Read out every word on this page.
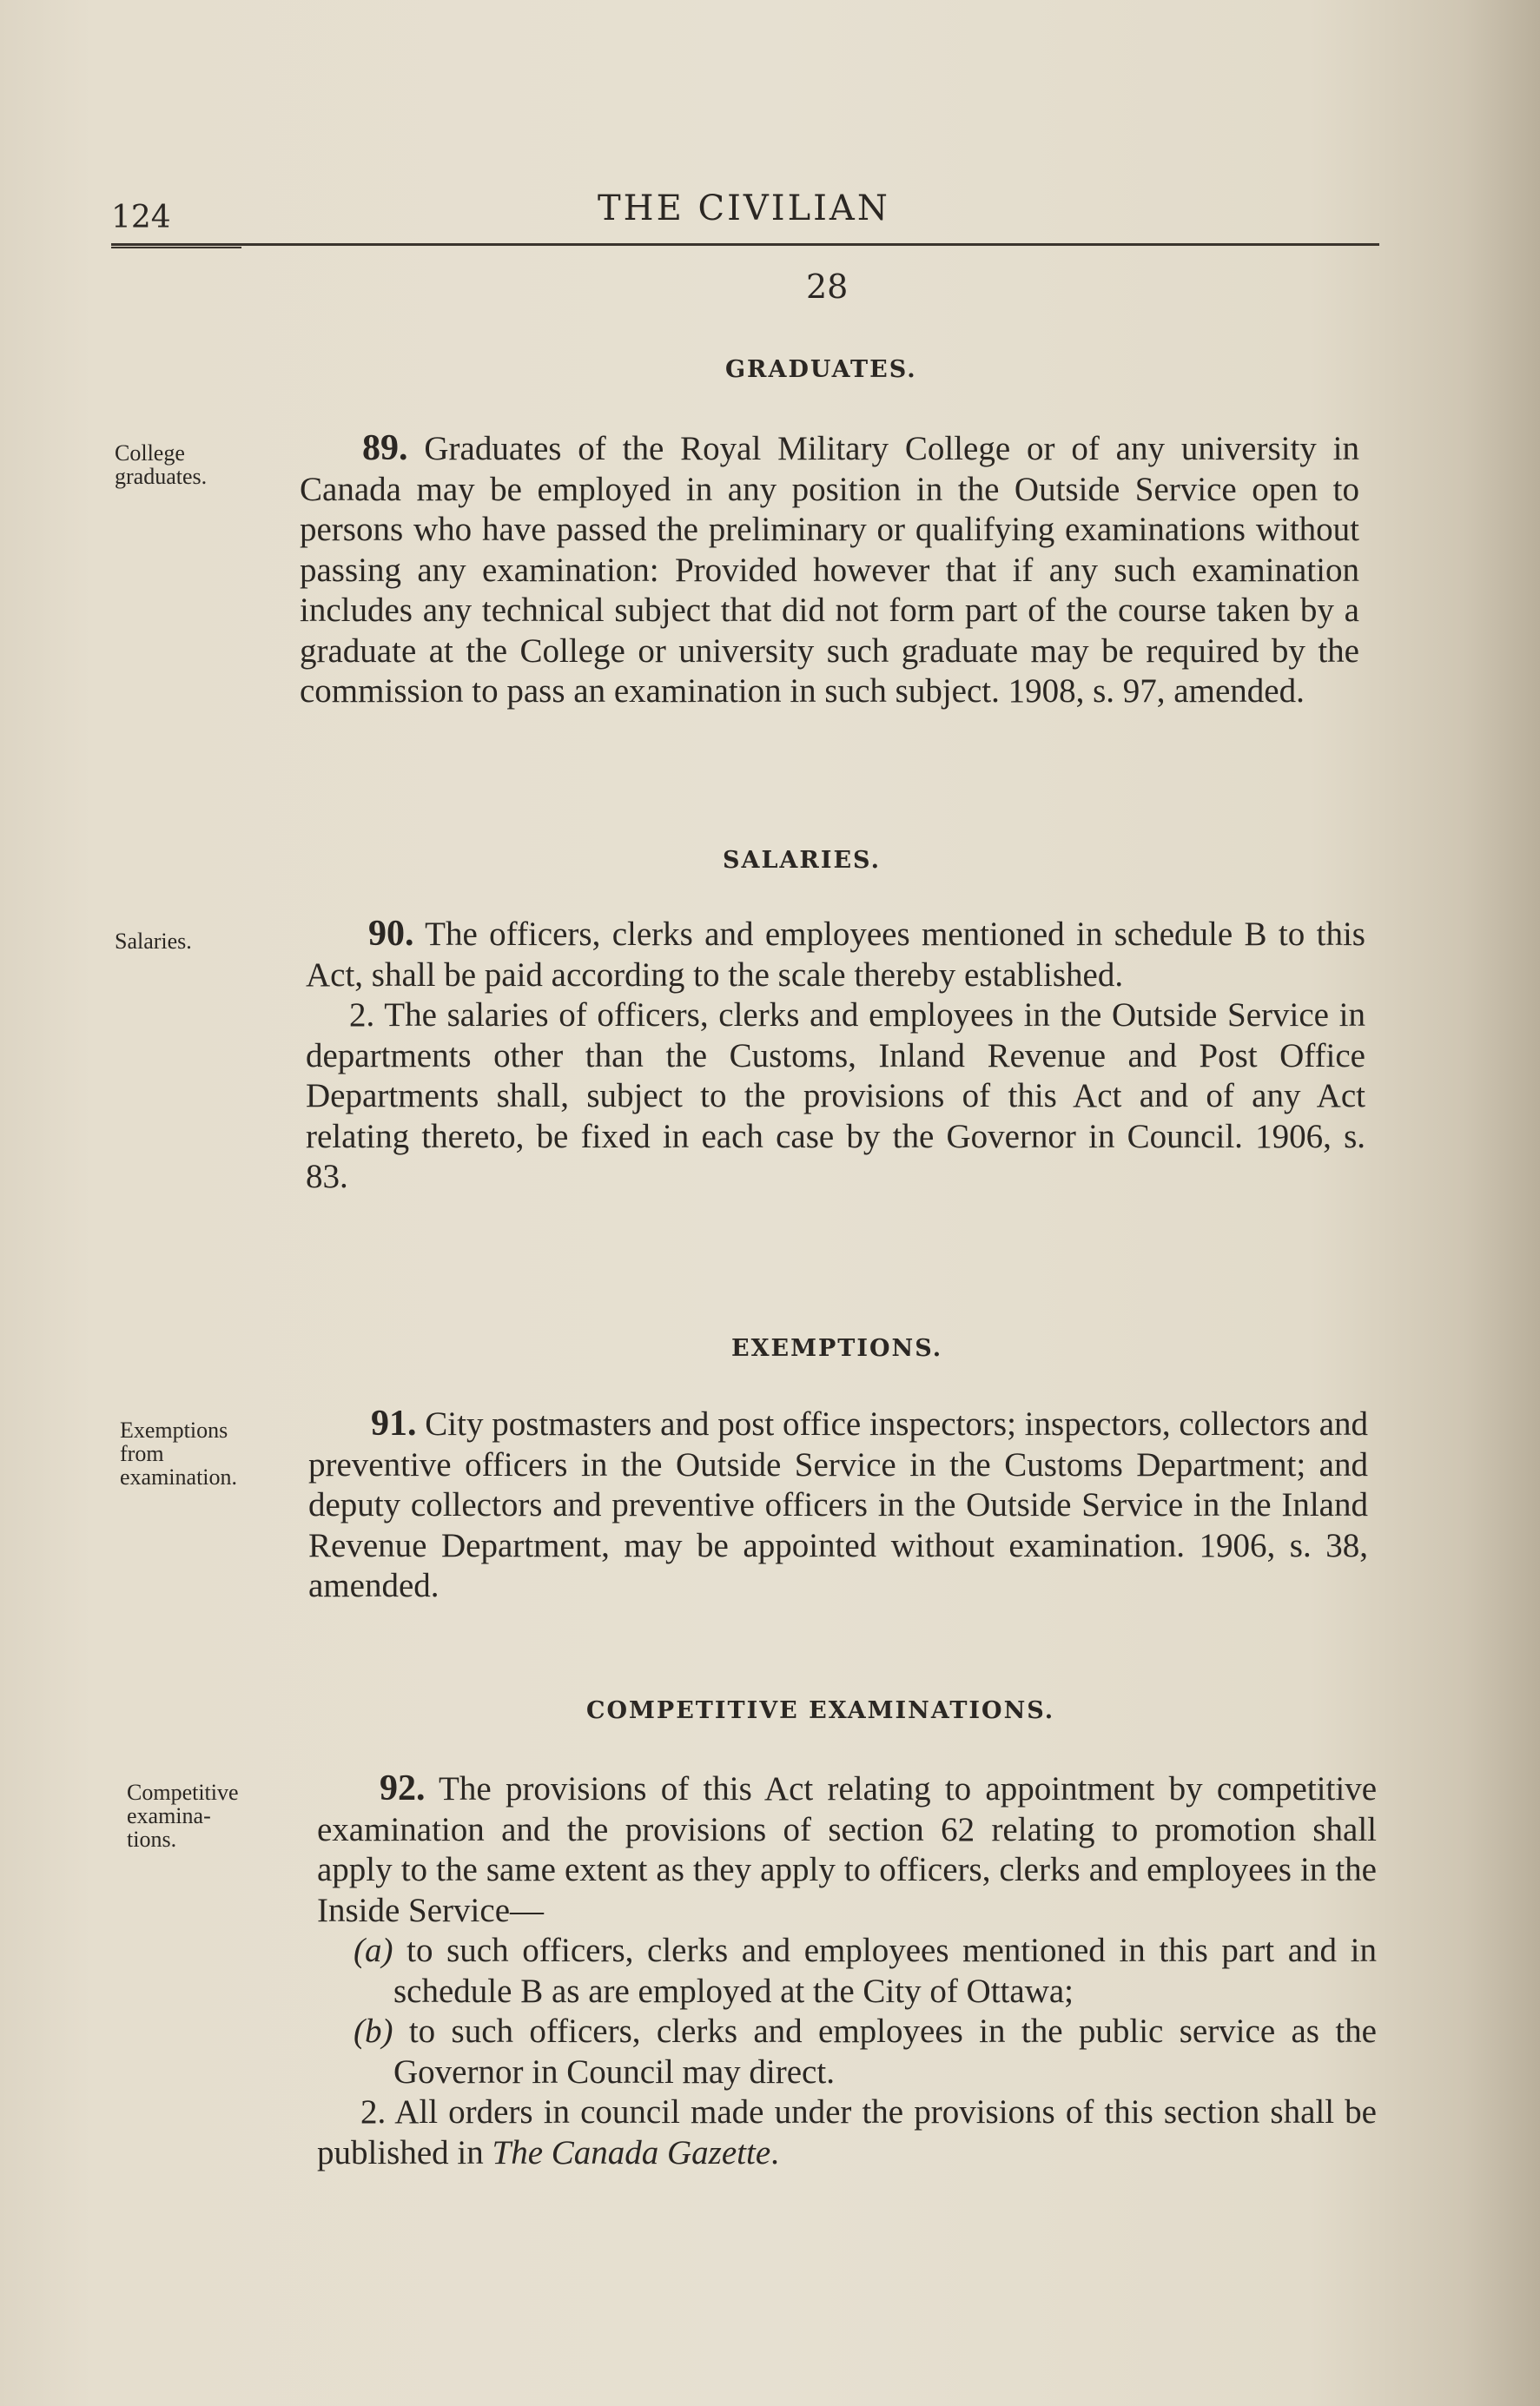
124	THE CIVILIAN
28
GRADUATES.
College
graduates.

89. Graduates of the Royal Military College or of any university in Canada may be employed in any position in the Outside Service open to persons who have passed the preliminary or qualifying examinations without passing any examination: Provided however that if any such examination includes any technical subject that did not form part of the course taken by a graduate at the College or university such graduate may be required by the commission to pass an examination in such subject. 1908, s. 97, amended.

SALARIES.
Salaries.	90. The officers, clerks and employees mentioned in schedule B to this Act, shall be paid according to the scale thereby established.

2. The salaries of officers, clerks and employees in the Outside Service in departments other than the Customs, Inland Revenue and Post Office Departments shall, subject to the provisions of this Act and of any Act relating thereto, be fixed in each case by the Governor in Council. 1906, s. 83.

EXEMPTIONS.
Exemptions
from
examination.

91. City postmasters and post office inspectors; inspectors, collectors and preventive officers in the Outside Service in the Customs Department; and deputy collectors and preventive officers in the Outside Service in the Inland Revenue Department, may be appointed without examination. 1906, s. 38, amended.

COMPETITIVE EXAMINATIONS.
Competitive
examina-
tions.

92. The provisions of this Act relating to appointment by competitive examination and the provisions of section 62 relating to promotion shall apply to the same extent as they apply to officers, clerks and employees in the Inside Service—

(a) to such officers, clerks and employees mentioned in this part and in schedule B as are employed at the City of Ottawa;

(b) to such officers, clerks and employees in the public service as the Governor in Council may direct.

2. All orders in council made under the provisions of this section shall be published in The Canada Gazette.
